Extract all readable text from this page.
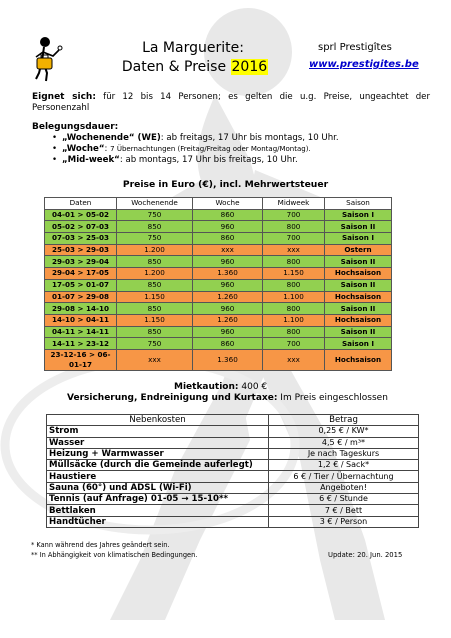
La Marguerite:
Daten & Preise 2016
sprl Prestigîtes
www.prestigites.be
Eignet sich: für 12 bis 14 Personen; es gelten die u.g. Preise, ungeachtet der Personenzahl
Belegungsdauer:
• „Wochenende“ (WE): ab freitags, 17 Uhr bis montags, 10 Uhr.
• „Woche“: 7 Übernachtungen (Freitag/Freitag oder Montag/Montag).
• „Mid-week“: ab montags, 17 Uhr bis freitags, 10 Uhr.
Preise in Euro (€), incl. Mehrwertsteuer
Daten	Wochenende	Woche	Midweek	Saison
04-01 > 05-02	750	860	700	Saison I
05-02 > 07-03	850	960	800	Saison II
07-03 > 25-03	750	860	700	Saison I
25-03 > 29-03	1.200	xxx	xxx	Ostern
29-03 > 29-04	850	960	800	Saison II
29-04 > 17-05	1.200	1.360	1.150	Hochsaison
17-05 > 01-07	850	960	800	Saison II
01-07 > 29-08	1.150	1.260	1.100	Hochsaison
29-08 > 14-10	850	960	800	Saison II
14-10 > 04-11	1.150	1.260	1.100	Hochsaison
04-11 > 14-11	850	960	800	Saison II
14-11 > 23-12	750	860	700	Saison I
23-12-16 > 06-01-17	xxx	1.360	xxx	Hochsaison
Mietkaution: 400 €
Versicherung, Endreinigung und Kurtaxe: Im Preis eingeschlossen
Nebenkosten	Betrag
Strom	0,25 € / KW*
Wasser	4,5 € / m³*
Heizung + Warmwasser	Je nach Tageskurs
Müllsäcke (durch die Gemeinde auferlegt)	1,2 € / Sack*
Haustiere	6 € / Tier / Übernachtung
Sauna (60°) und ADSL (Wi-Fi)	Angeboten!
Tennis (auf Anfrage) 01-05 → 15-10**	6 € / Stunde
Bettlaken	7 € / Bett
Handtücher	3 € / Person
* Kann während des Jahres geändert sein.
** In Abhängigkeit von klimatischen Bedingungen.	Update: 20. Jun. 2015
